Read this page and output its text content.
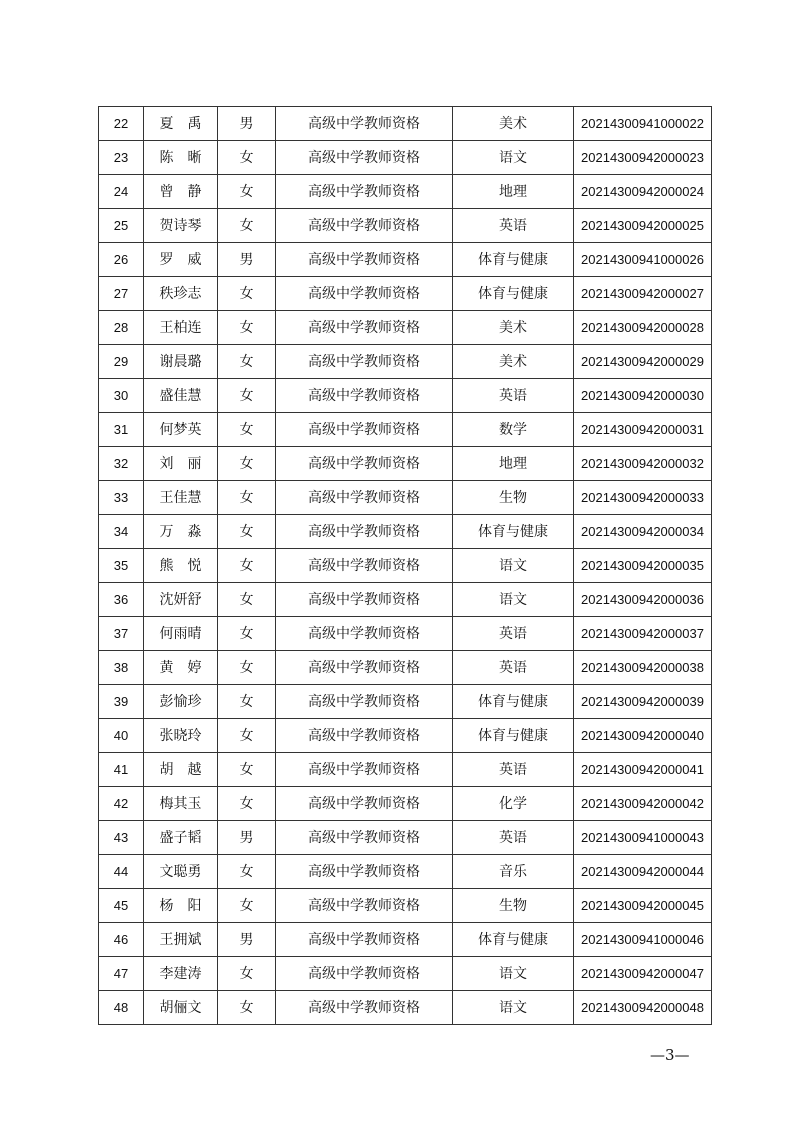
22	夏　禹	男	高级中学教师资格	美术	20214300941000022
23	陈　晰	女	高级中学教师资格	语文	20214300942000023
24	曾　静	女	高级中学教师资格	地理	20214300942000024
25	贺诗琴	女	高级中学教师资格	英语	20214300942000025
26	罗　威	男	高级中学教师资格	体育与健康	20214300941000026
27	秩珍志	女	高级中学教师资格	体育与健康	20214300942000027
28	王柏连	女	高级中学教师资格	美术	20214300942000028
29	谢晨璐	女	高级中学教师资格	美术	20214300942000029
30	盛佳慧	女	高级中学教师资格	英语	20214300942000030
31	何梦英	女	高级中学教师资格	数学	20214300942000031
32	刘　丽	女	高级中学教师资格	地理	20214300942000032
33	王佳慧	女	高级中学教师资格	生物	20214300942000033
34	万　淼	女	高级中学教师资格	体育与健康	20214300942000034
35	熊　悦	女	高级中学教师资格	语文	20214300942000035
36	沈妍舒	女	高级中学教师资格	语文	20214300942000036
37	何雨晴	女	高级中学教师资格	英语	20214300942000037
38	黄　婷	女	高级中学教师资格	英语	20214300942000038
39	彭愉珍	女	高级中学教师资格	体育与健康	20214300942000039
40	张晓玲	女	高级中学教师资格	体育与健康	20214300942000040
41	胡　越	女	高级中学教师资格	英语	20214300942000041
42	梅其玉	女	高级中学教师资格	化学	20214300942000042
43	盛子韬	男	高级中学教师资格	英语	20214300941000043
44	文聪勇	女	高级中学教师资格	音乐	20214300942000044
45	杨　阳	女	高级中学教师资格	生物	20214300942000045
46	王拥斌	男	高级中学教师资格	体育与健康	20214300941000046
47	李建涛	女	高级中学教师资格	语文	20214300942000047
48	胡俪文	女	高级中学教师资格	语文	20214300942000048
—3—
